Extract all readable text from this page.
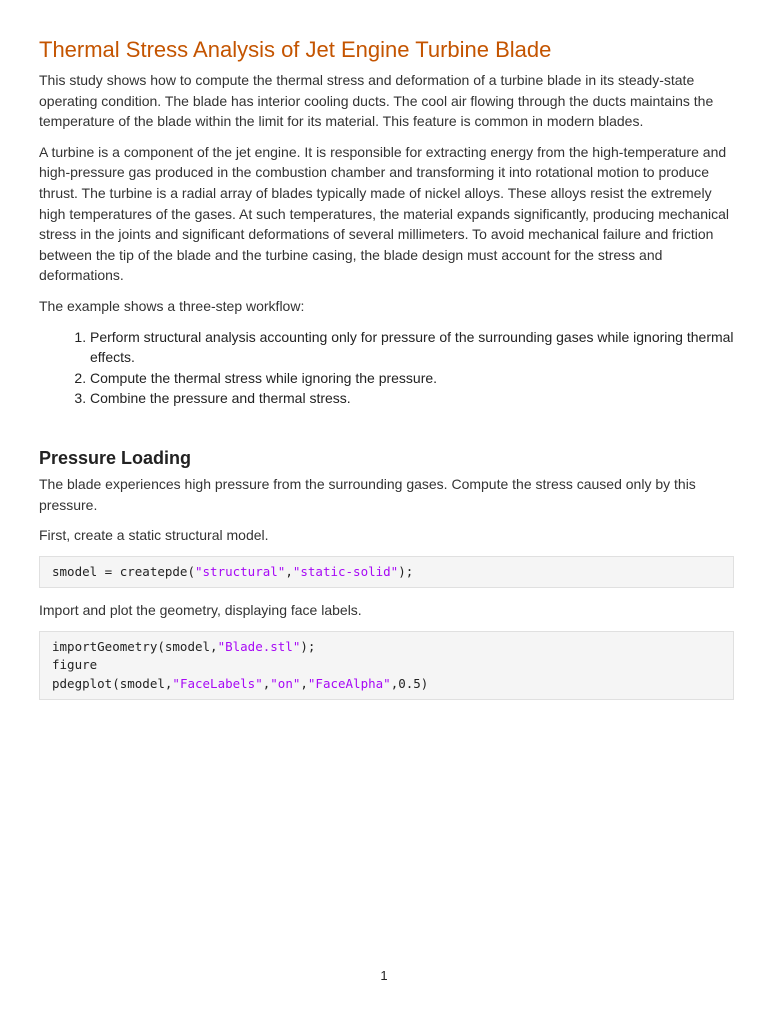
Thermal Stress Analysis of Jet Engine Turbine Blade

This study shows how to compute the thermal stress and deformation of a turbine blade in its steady-state operating condition. The blade has interior cooling ducts. The cool air flowing through the ducts maintains the temperature of the blade within the limit for its material. This feature is common in modern blades.

A turbine is a component of the jet engine. It is responsible for extracting energy from the high-temperature and high-pressure gas produced in the combustion chamber and transforming it into rotational motion to produce thrust. The turbine is a radial array of blades typically made of nickel alloys. These alloys resist the extremely high temperatures of the gases. At such temperatures, the material expands significantly, producing mechanical stress in the joints and significant deformations of several millimeters. To avoid mechanical failure and friction between the tip of the blade and the turbine casing, the blade design must account for the stress and deformations.

The example shows a three-step workflow:

1. Perform structural analysis accounting only for pressure of the surrounding gases while ignoring thermal effects.
2. Compute the thermal stress while ignoring the pressure.
3. Combine the pressure and thermal stress.
Pressure Loading

The blade experiences high pressure from the surrounding gases. Compute the stress caused only by this pressure.

First, create a static structural model.

smodel = createpde("structural","static-solid");

Import and plot the geometry, displaying face labels.

importGeometry(smodel,"Blade.stl");
figure
pdegplot(smodel,"FaceLabels","on","FaceAlpha",0.5)
1
